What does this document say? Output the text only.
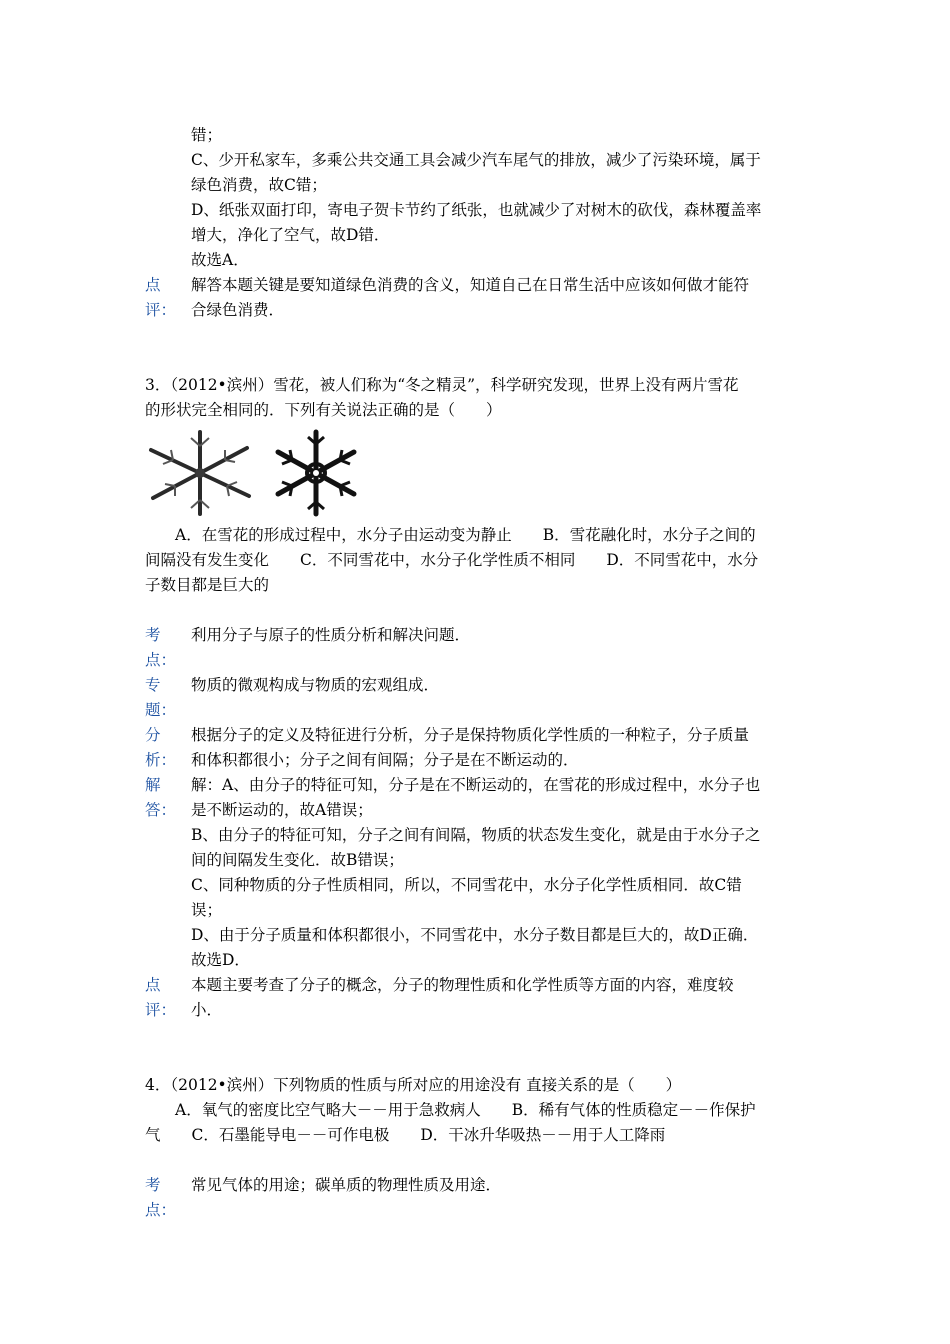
错；
C、少开私家车，多乘公共交通工具会减少汽车尾气的排放，减少了污染环境，属于
绿色消费，故C错；
D、纸张双面打印，寄电子贺卡节约了纸张，也就减少了对树木的砍伐，森林覆盖率
增大，净化了空气，故D错．
故选A．
点
评：
解答本题关键是要知道绿色消费的含义，知道自己在日常生活中应该如何做才能符
合绿色消费．
3．（2012•滨州）雪花，被人们称为“冬之精灵”，科学研究发现，世界上没有两片雪花
的形状完全相同的．下列有关说法正确的是（　　）
A．在雪花的形成过程中，水分子由运动变为静止　　B．雪花融化时，水分子之间的
间隔没有发生变化　　C．不同雪花中，水分子化学性质不相同　　D．不同雪花中，水分
子数目都是巨大的
考
点：
利用分子与原子的性质分析和解决问题．
专
题：
物质的微观构成与物质的宏观组成．
分
析：
根据分子的定义及特征进行分析，分子是保持物质化学性质的一种粒子，分子质量
和体积都很小；分子之间有间隔；分子是在不断运动的．
解
答：
解：A、由分子的特征可知，分子是在不断运动的，在雪花的形成过程中，水分子也
是不断运动的，故A错误；
B、由分子的特征可知，分子之间有间隔，物质的状态发生变化，就是由于水分子之
间的间隔发生变化．故B错误；
C、同种物质的分子性质相同，所以，不同雪花中，水分子化学性质相同．故C错
误；
D、由于分子质量和体积都很小，不同雪花中，水分子数目都是巨大的，故D正确．
故选D．
点
评：
本题主要考查了分子的概念，分子的物理性质和化学性质等方面的内容，难度较
小．
4．（2012•滨州）下列物质的性质与所对应的用途没有 直接关系的是（　　）
A．氧气的密度比空气略大－－用于急救病人　　B．稀有气体的性质稳定－－作保护
气　　C．石墨能导电－－可作电极　　D．干冰升华吸热－－用于人工降雨
考
点：
常见气体的用途；碳单质的物理性质及用途．
